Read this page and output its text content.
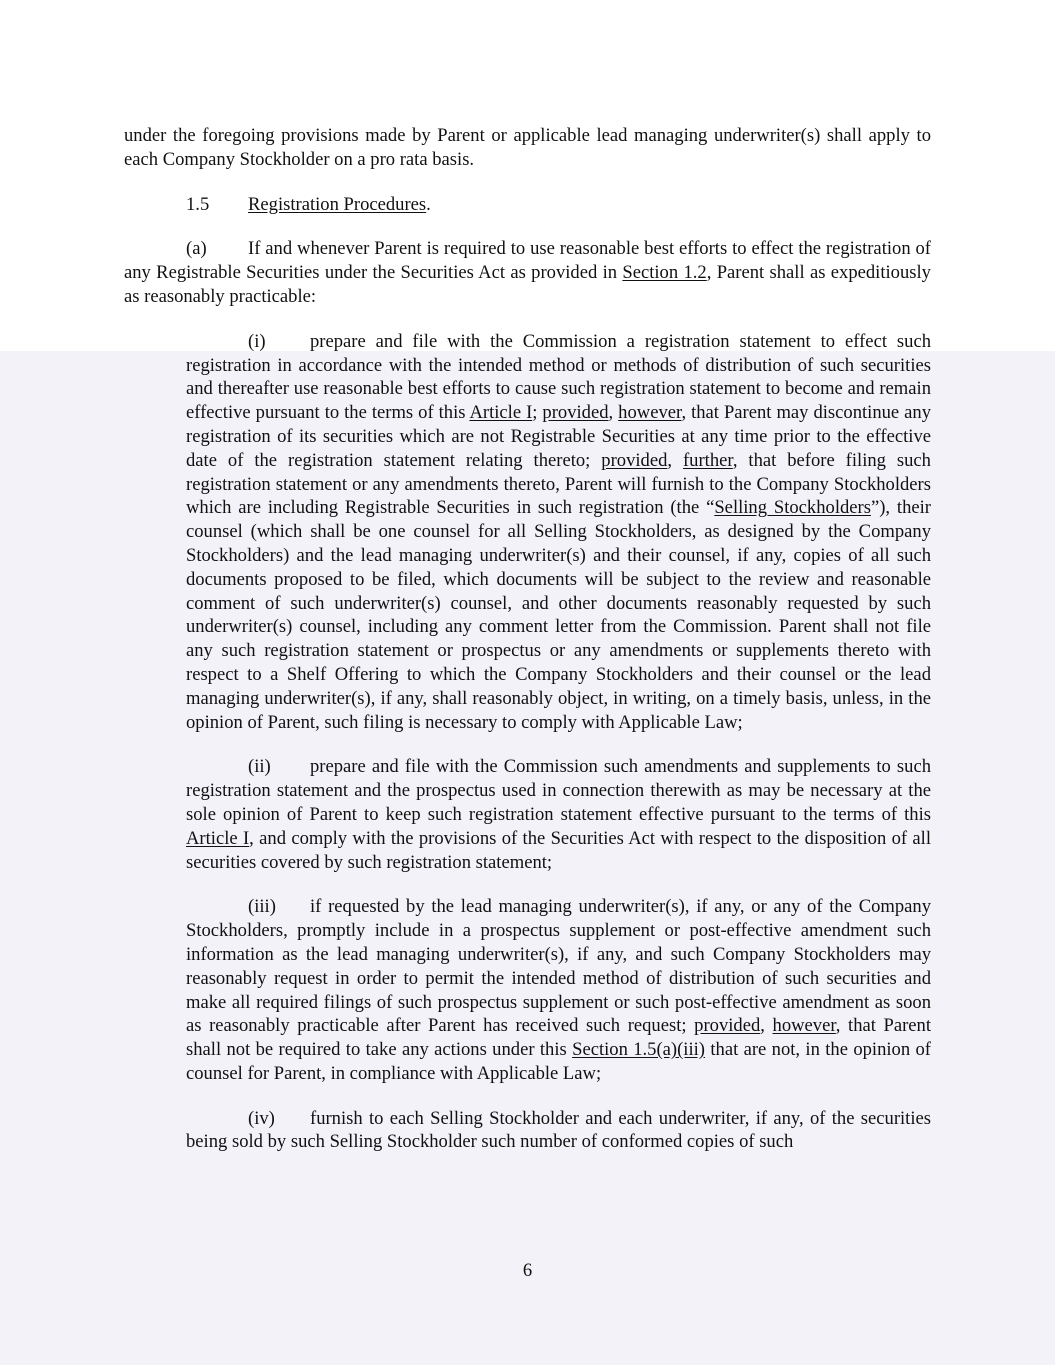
under the foregoing provisions made by Parent or applicable lead managing underwriter(s) shall apply to each Company Stockholder on a pro rata basis.

1.5 Registration Procedures.

(a) If and whenever Parent is required to use reasonable best efforts to effect the registration of any Registrable Securities under the Securities Act as provided in Section 1.2, Parent shall as expeditiously as reasonably practicable:

(i) prepare and file with the Commission a registration statement to effect such registration in accordance with the intended method or methods of distribution of such securities and thereafter use reasonable best efforts to cause such registration statement to become and remain effective pursuant to the terms of this Article I; provided, however, that Parent may discontinue any registration of its securities which are not Registrable Securities at any time prior to the effective date of the registration statement relating thereto; provided, further, that before filing such registration statement or any amendments thereto, Parent will furnish to the Company Stockholders which are including Registrable Securities in such registration (the “Selling Stockholders”), their counsel (which shall be one counsel for all Selling Stockholders, as designed by the Company Stockholders) and the lead managing underwriter(s) and their counsel, if any, copies of all such documents proposed to be filed, which documents will be subject to the review and reasonable comment of such underwriter(s) counsel, and other documents reasonably requested by such underwriter(s) counsel, including any comment letter from the Commission. Parent shall not file any such registration statement or prospectus or any amendments or supplements thereto with respect to a Shelf Offering to which the Company Stockholders and their counsel or the lead managing underwriter(s), if any, shall reasonably object, in writing, on a timely basis, unless, in the opinion of Parent, such filing is necessary to comply with Applicable Law;

(ii) prepare and file with the Commission such amendments and supplements to such registration statement and the prospectus used in connection therewith as may be necessary at the sole opinion of Parent to keep such registration statement effective pursuant to the terms of this Article I, and comply with the provisions of the Securities Act with respect to the disposition of all securities covered by such registration statement;

(iii) if requested by the lead managing underwriter(s), if any, or any of the Company Stockholders, promptly include in a prospectus supplement or post-effective amendment such information as the lead managing underwriter(s), if any, and such Company Stockholders may reasonably request in order to permit the intended method of distribution of such securities and make all required filings of such prospectus supplement or such post-effective amendment as soon as reasonably practicable after Parent has received such request; provided, however, that Parent shall not be required to take any actions under this Section 1.5(a)(iii) that are not, in the opinion of counsel for Parent, in compliance with Applicable Law;

(iv) furnish to each Selling Stockholder and each underwriter, if any, of the securities being sold by such Selling Stockholder such number of conformed copies of such

6
